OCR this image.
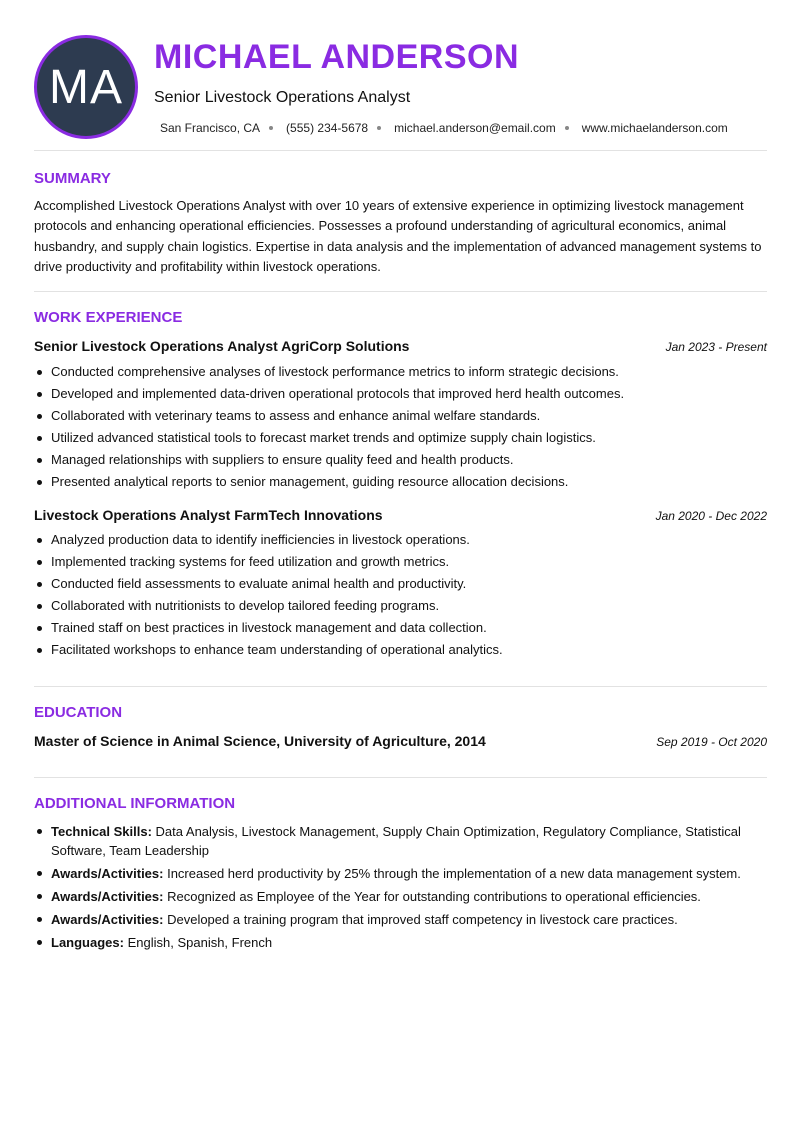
MA
MICHAEL ANDERSON
Senior Livestock Operations Analyst
San Francisco, CA (555) 234-5678 michael.anderson@email.com www.michaelanderson.com
SUMMARY
Accomplished Livestock Operations Analyst with over 10 years of extensive experience in optimizing livestock management protocols and enhancing operational efficiencies. Possesses a profound understanding of agricultural economics, animal husbandry, and supply chain logistics. Expertise in data analysis and the implementation of advanced management systems to drive productivity and profitability within livestock operations.
WORK EXPERIENCE
Senior Livestock Operations Analyst AgriCorp Solutions	Jan 2023 - Present
Conducted comprehensive analyses of livestock performance metrics to inform strategic decisions.
Developed and implemented data-driven operational protocols that improved herd health outcomes.
Collaborated with veterinary teams to assess and enhance animal welfare standards.
Utilized advanced statistical tools to forecast market trends and optimize supply chain logistics.
Managed relationships with suppliers to ensure quality feed and health products.
Presented analytical reports to senior management, guiding resource allocation decisions.
Livestock Operations Analyst FarmTech Innovations	Jan 2020 - Dec 2022
Analyzed production data to identify inefficiencies in livestock operations.
Implemented tracking systems for feed utilization and growth metrics.
Conducted field assessments to evaluate animal health and productivity.
Collaborated with nutritionists to develop tailored feeding programs.
Trained staff on best practices in livestock management and data collection.
Facilitated workshops to enhance team understanding of operational analytics.
EDUCATION
Master of Science in Animal Science, University of Agriculture, 2014	Sep 2019 - Oct 2020
ADDITIONAL INFORMATION
Technical Skills: Data Analysis, Livestock Management, Supply Chain Optimization, Regulatory Compliance, Statistical Software, Team Leadership
Awards/Activities: Increased herd productivity by 25% through the implementation of a new data management system.
Awards/Activities: Recognized as Employee of the Year for outstanding contributions to operational efficiencies.
Awards/Activities: Developed a training program that improved staff competency in livestock care practices.
Languages: English, Spanish, French
